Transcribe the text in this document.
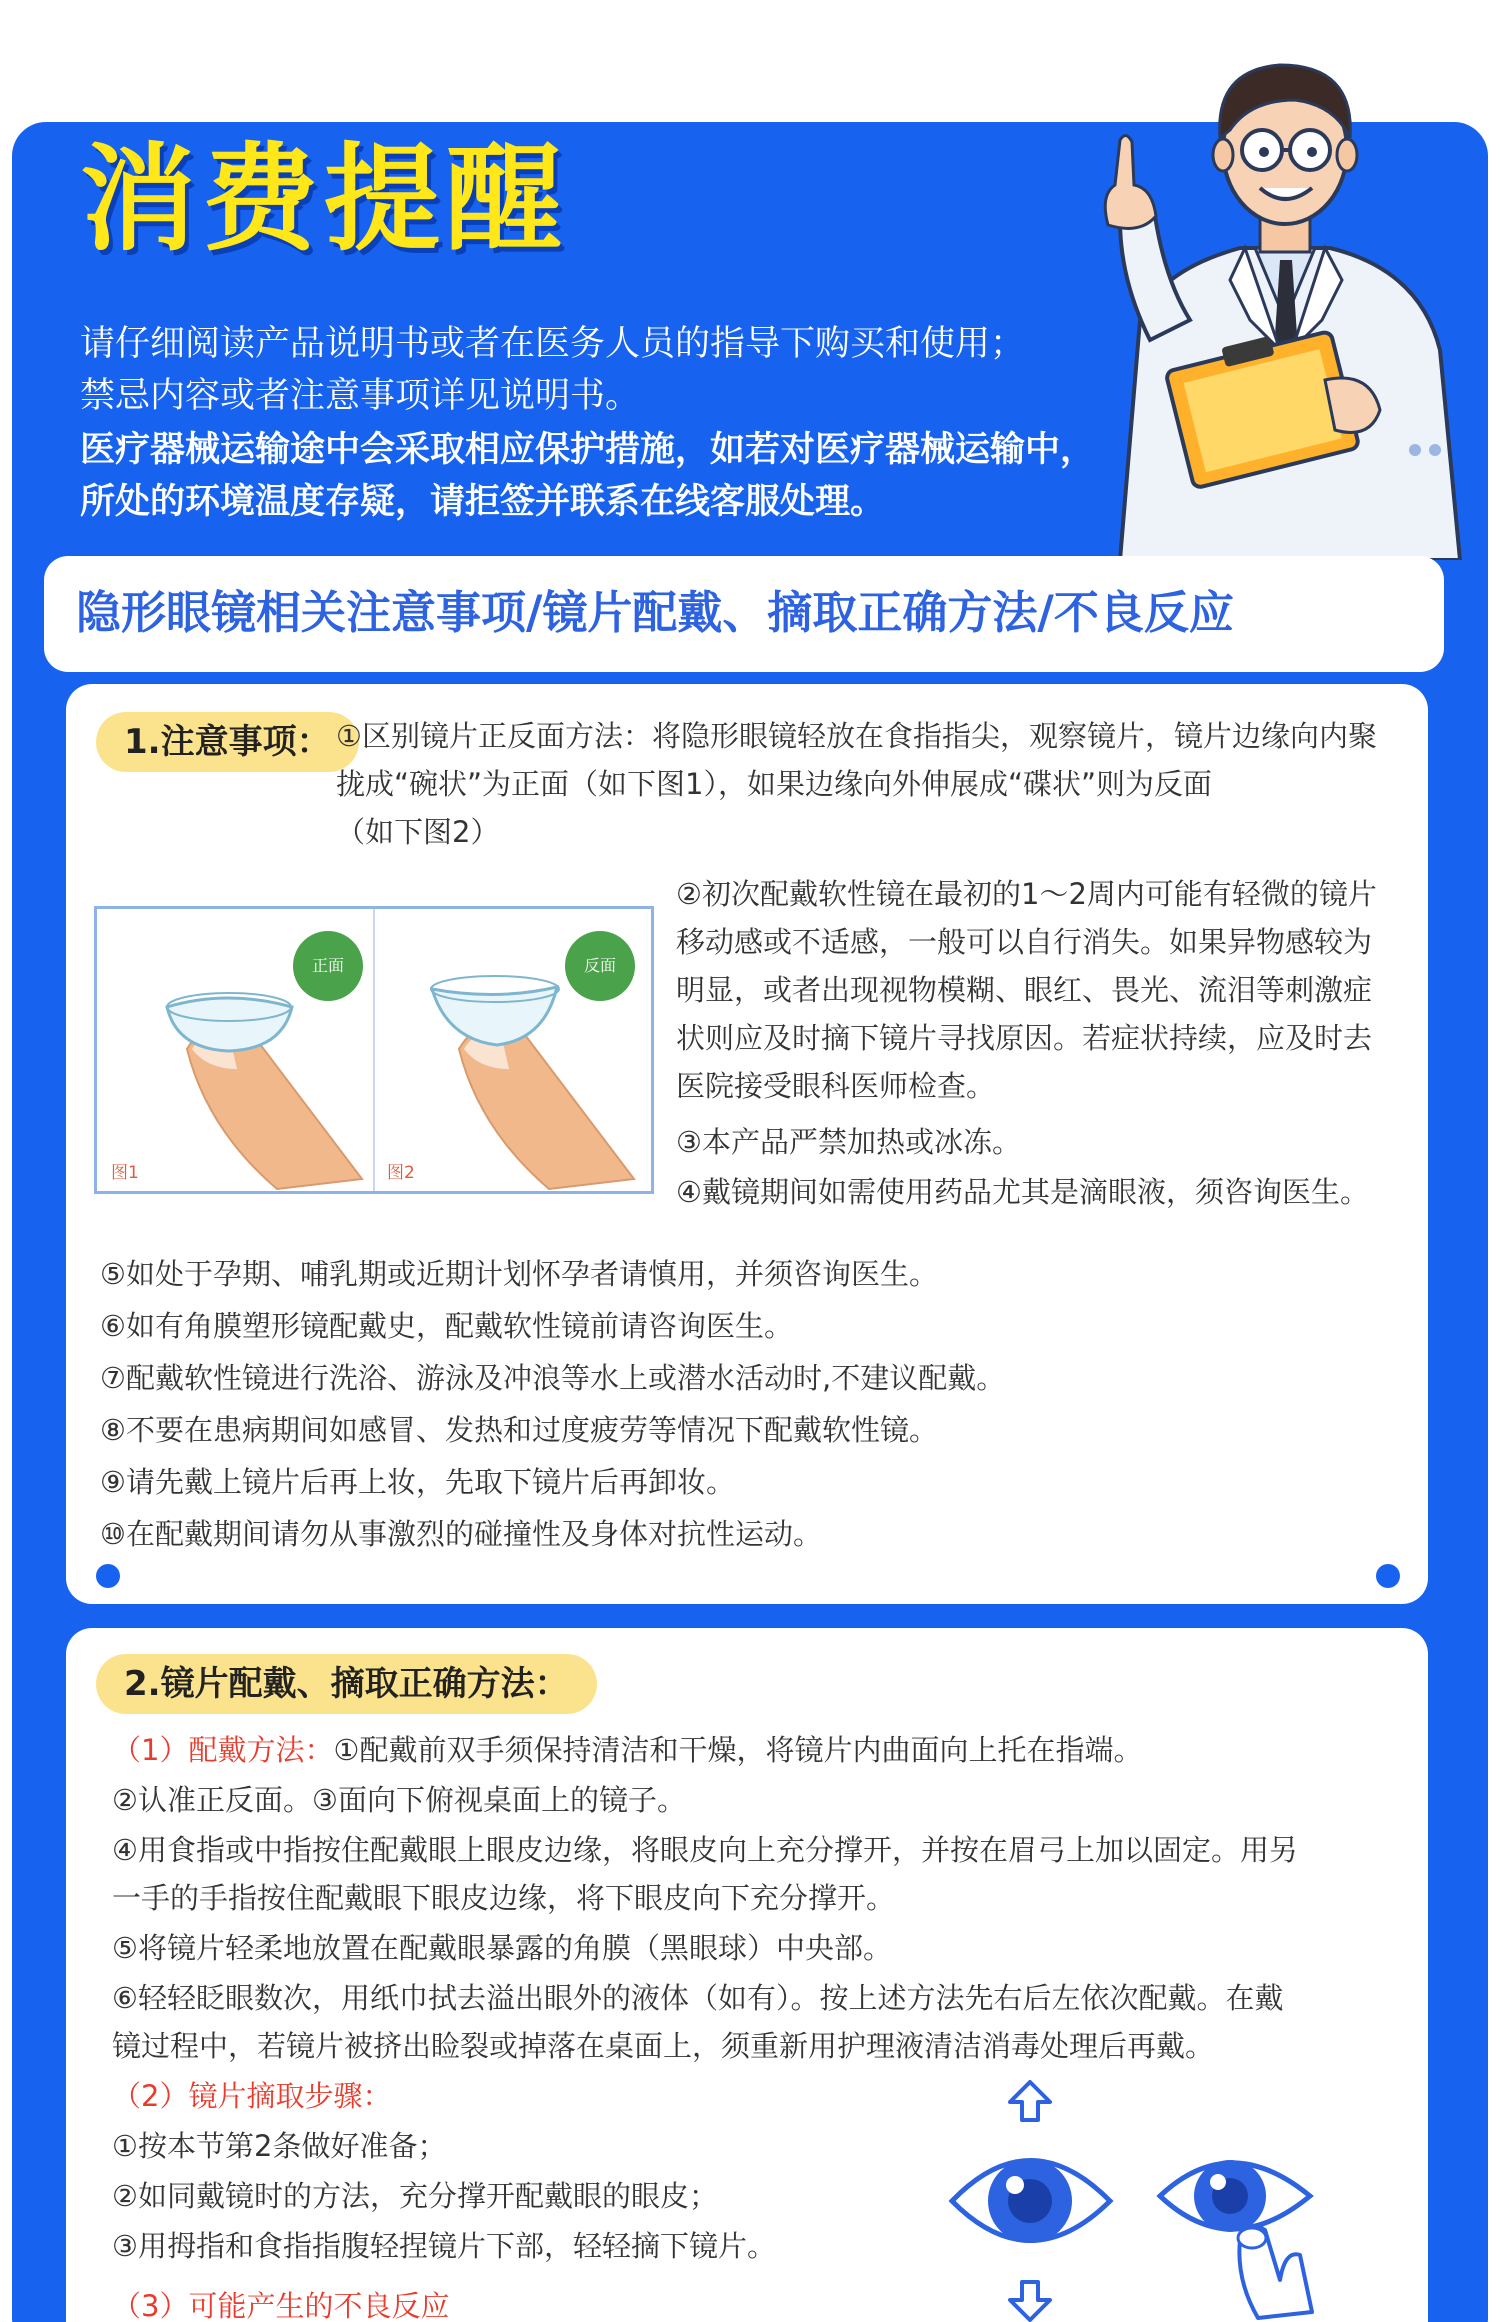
消费提醒

请仔细阅读产品说明书或者在医务人员的指导下购买和使用；
禁忌内容或者注意事项详见说明书。

医疗器械运输途中会采取相应保护措施，如若对医疗器械运输中，
所处的环境温度存疑，请拒签并联系在线客服处理。

隐形眼镜相关注意事项/镜片配戴、摘取正确方法/不良反应

1.注意事项： ①区别镜片正反面方法：将隐形眼镜轻放在食指指尖，观察镜片，镜片边缘向内聚
拢成“碗状”为正面（如下图1），如果边缘向外伸展成“碟状”则为反面
（如下图2）

正面	反面
图1	图2

②初次配戴软性镜在最初的1～2周内可能有轻微的镜片
移动感或不适感，一般可以自行消失。如果异物感较为
明显，或者出现视物模糊、眼红、畏光、流泪等刺激症
状则应及时摘下镜片寻找原因。若症状持续，应及时去
医院接受眼科医师检查。

③本产品严禁加热或冰冻。

④戴镜期间如需使用药品尤其是滴眼液，须咨询医生。

⑤如处于孕期、哺乳期或近期计划怀孕者请慎用，并须咨询医生。

⑥如有角膜塑形镜配戴史，配戴软性镜前请咨询医生。

⑦配戴软性镜进行洗浴、游泳及冲浪等水上或潜水活动时,不建议配戴。

⑧不要在患病期间如感冒、发热和过度疲劳等情况下配戴软性镜。

⑨请先戴上镜片后再上妆，先取下镜片后再卸妆。

⑩在配戴期间请勿从事激烈的碰撞性及身体对抗性运动。

2.镜片配戴、摘取正确方法：

（1）配戴方法：①配戴前双手须保持清洁和干燥，将镜片内曲面向上托在指端。

②认准正反面。③面向下俯视桌面上的镜子。

④用食指或中指按住配戴眼上眼皮边缘，将眼皮向上充分撑开，并按在眉弓上加以固定。用另
一手的手指按住配戴眼下眼皮边缘，将下眼皮向下充分撑开。

⑤将镜片轻柔地放置在配戴眼暴露的角膜（黑眼球）中央部。

⑥轻轻眨眼数次，用纸巾拭去溢出眼外的液体（如有）。按上述方法先右后左依次配戴。在戴
镜过程中，若镜片被挤出睑裂或掉落在桌面上，须重新用护理液清洁消毒处理后再戴。

（2）镜片摘取步骤：

①按本节第2条做好准备；

②如同戴镜时的方法，充分撑开配戴眼的眼皮；

③用拇指和食指指腹轻捏镜片下部，轻轻摘下镜片。

（3）可能产生的不良反应
